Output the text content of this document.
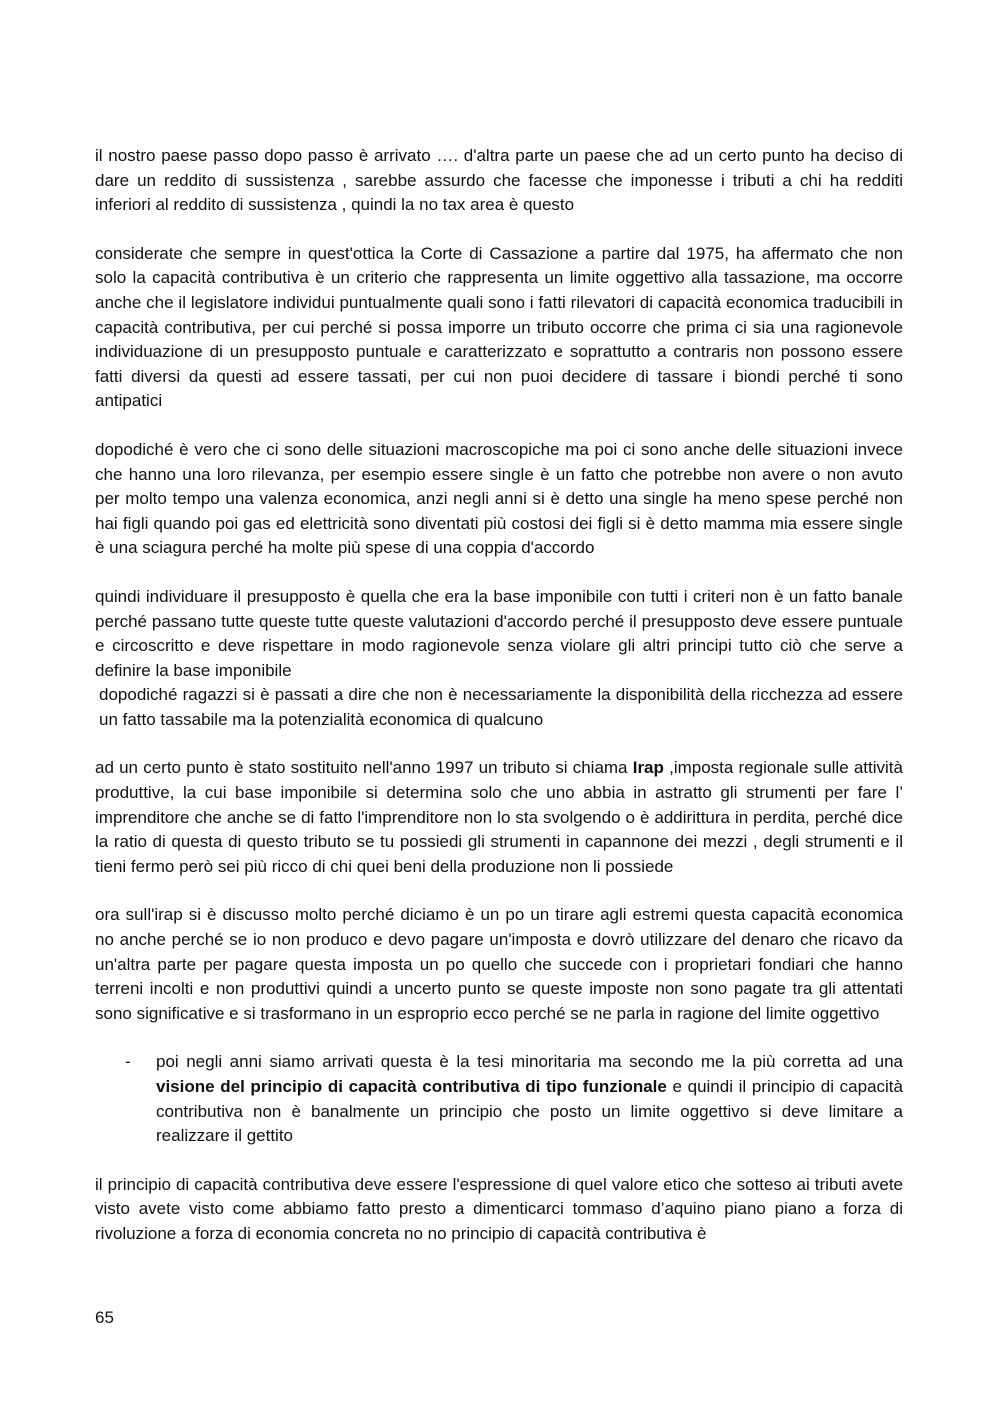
il nostro paese passo dopo passo è arrivato …. d'altra parte un paese che ad un certo punto ha deciso di dare un reddito di sussistenza , sarebbe assurdo che facesse che imponesse i tributi a chi ha redditi inferiori al reddito di sussistenza , quindi la no tax area è questo

considerate che sempre in quest'ottica la Corte di Cassazione a partire dal 1975, ha affermato che non solo la capacità contributiva è un criterio che rappresenta un limite oggettivo alla tassazione, ma occorre anche che il legislatore individui puntualmente quali sono i fatti rilevatori di capacità economica traducibili in capacità contributiva, per cui perché si possa imporre un tributo occorre che prima ci sia una ragionevole individuazione di un presupposto puntuale e caratterizzato e soprattutto a contraris non possono essere fatti diversi da questi ad essere tassati, per cui non puoi decidere di tassare i biondi perché ti sono antipatici

dopodiché è vero che ci sono delle situazioni macroscopiche ma poi ci sono anche delle situazioni invece che hanno una loro rilevanza, per esempio essere single è un fatto che potrebbe non avere o non avuto per molto tempo una valenza economica, anzi negli anni si è detto una single ha meno spese perché non hai figli quando poi gas ed elettricità sono diventati più costosi dei figli si è detto mamma mia essere single è una sciagura perché ha molte più spese di una coppia d'accordo

quindi individuare il presupposto è quella che era la base imponibile con tutti i criteri non è un fatto banale perché passano tutte queste tutte queste valutazioni d'accordo perché il presupposto deve essere puntuale e circoscritto e deve rispettare in modo ragionevole senza violare gli altri principi tutto ciò che serve a definire la base imponibile

dopodiché ragazzi si è passati a dire che non è necessariamente la disponibilità della ricchezza ad essere un fatto tassabile ma la potenzialità economica di qualcuno

ad un certo punto è stato sostituito nell'anno 1997 un tributo si chiama Irap ,imposta regionale sulle attività produttive, la cui base imponibile si determina solo che uno abbia in astratto gli strumenti per fare l’ imprenditore che anche se di fatto l'imprenditore non lo sta svolgendo o è addirittura in perdita, perché dice la ratio di questa di questo tributo se tu possiedi gli strumenti in capannone dei mezzi , degli strumenti e il tieni fermo però sei più ricco di chi quei beni della produzione non li possiede

ora sull'irap si è discusso molto perché diciamo è un po un tirare agli estremi questa capacità economica no anche perché se io non produco e devo pagare un'imposta e dovrò utilizzare del denaro che ricavo da un'altra parte per pagare questa imposta un po quello che succede con i proprietari fondiari che hanno terreni incolti e non produttivi quindi a uncerto punto se queste imposte non sono pagate tra gli attentati sono significative e si trasformano in un esproprio ecco perché se ne parla in ragione del limite oggettivo

- poi negli anni siamo arrivati questa è la tesi minoritaria ma secondo me la più corretta ad una visione del principio di capacità contributiva di tipo funzionale e quindi il principio di capacità contributiva non è banalmente un principio che posto un limite oggettivo si deve limitare a realizzare il gettito

il principio di capacità contributiva deve essere l'espressione di quel valore etico che sotteso ai tributi avete visto avete visto come abbiamo fatto presto a dimenticarci tommaso d’aquino piano piano a forza di rivoluzione a forza di economia concreta no no principio di capacità contributiva è

65
